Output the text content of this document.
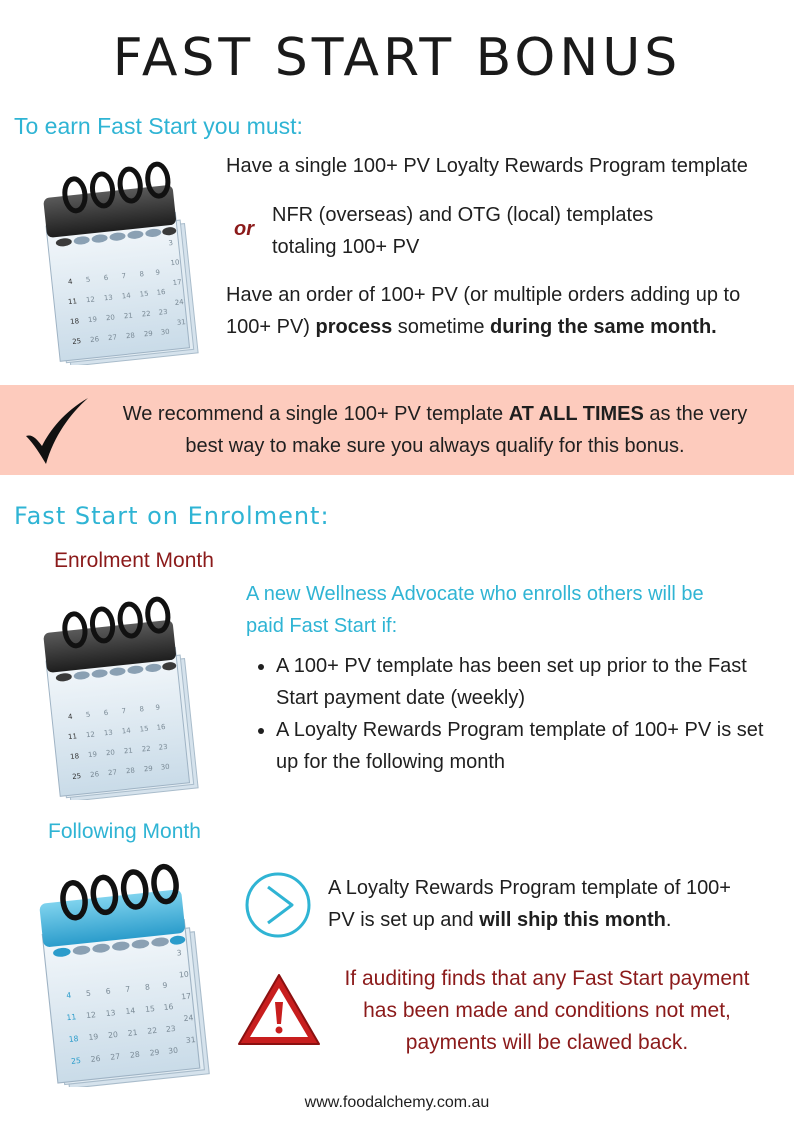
FAST START BONUS
To earn Fast Start you must:
3
4
10
11
17
18
24
25
31
5 6 7 8 9
12 13 14 15 16
19 20 21 22 23
26 27 28 29 30
Have a single 100+ PV Loyalty Rewards Program template
or
NFR (overseas) and OTG (local) templates totaling 100+ PV
Have an order of 100+ PV (or multiple orders adding up to 100+ PV) process sometime during the same month.
We recommend a single 100+ PV template AT ALL TIMES as the very best way to make sure you always qualify for this bonus.
Fast Start on Enrolment:
Enrolment Month
4
11
18
25
5 6 7 8 9
12 13 14 15 16
19 20 21 22 23
26 27 28 29 30
A new Wellness Advocate who enrolls others will be paid Fast Start if:
• A 100+ PV template has been set up prior to the Fast Start payment date (weekly)
• A Loyalty Rewards Program template of 100+ PV is set up for the following month
Following Month
3
4
10
11
17
18
24
25
31
5 6 7 8 9
12 13 14 15 16
19 20 21 22 23
26 27 28 29 30
A Loyalty Rewards Program template of 100+ PV is set up and will ship this month.
If auditing finds that any Fast Start payment has been made and conditions not met, payments will be clawed back.
www.foodalchemy.com.au
